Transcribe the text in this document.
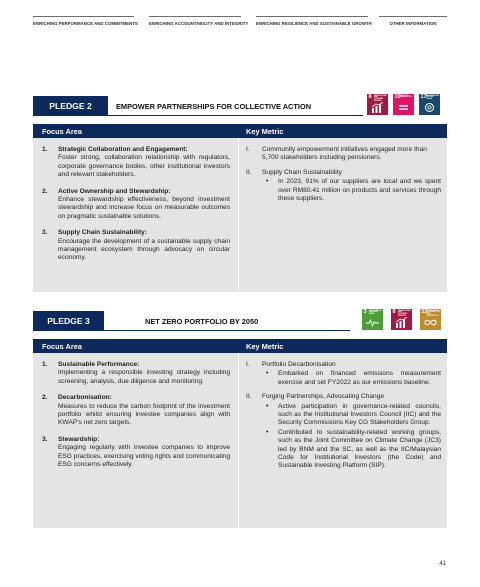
ENRICHING PERFORMANCE AND COMMITMENTS	ENRICHING ACCOUNTABILITY AND INTEGRITY ENRICHING RESILIENCE AND SUSTAINABLE GROWTH	OTHER INFORMATION
PLEDGE 2	EMPOWER PARTNERSHIPS FOR COLLECTIVE ACTION
8 DECENT WORK AND ECONOMIC GROWTH
10 REDUCED INEQUALITIES 17 PARTNERSHIPS FOR THE GOALS
Focus Area	Key Metric
1. Strategic Collaboration and Engagement:
Foster strong, collaboration relationship with regulators, corporate governance bodies, other institutional investors and relevant stakeholders.
2. Active Ownership and Stewardship:
Enhance stewardship effectiveness, beyond investment stewardship and increase focus on measurable outcomes on pragmatic sustainable solutions.
3. Supply Chain Sustainability:
Encourage the development of a sustainable supply chain management ecosystem through advocacy on circular economy.
I. Community empowerment initiatives engaged more than 5,700 stakeholders including pensioners.
II. Supply Chain Sustainability
• In 2023, 91% of our suppliers are local and we spent over RM80.41 million on products and services through these suppliers.
PLEDGE 3	NET ZERO PORTFOLIO BY 2050
3 GOOD HEALTH AND WELL-BEING	8 DECENT WORK AND ECONOMIC GROWTH
12 RESPONSIBLE CONSUMPTION AND PRODUCTION
Focus Area	Key Metric
1. Sustainable Performance:
Implementing a responsible investing strategy including screening, analysis, due diligence and monitoring.
2. Decarbonisation:
Measures to reduce the carbon footprint of the investment portfolio whilst ensuring investee companies align with KWAP’s net zero targets.
3. Stewardship:
Engaging regularly with investee companies to improve ESG practices, exercising voting rights and communicating ESG concerns effectively.
I. Portfolio Decarbonisation
• Embarked on financed emissions measurement exercise and set FY2022 as our emissions baseline.
II. Forging Partnerships, Advocating Change
• Active participation in governance-related councils, such as the Institutional Investors Council (IIC) and the Security Commissions Key CG Stakeholders Group.
• Contributed to sustainability-related working groups, such as the Joint Committee on Climate Change (JC3) led by BNM and the SC, as well as the IIC/Malaysian Code for Institutional Investors (the Code) and Sustainable Investing Platform (SIP).
41
